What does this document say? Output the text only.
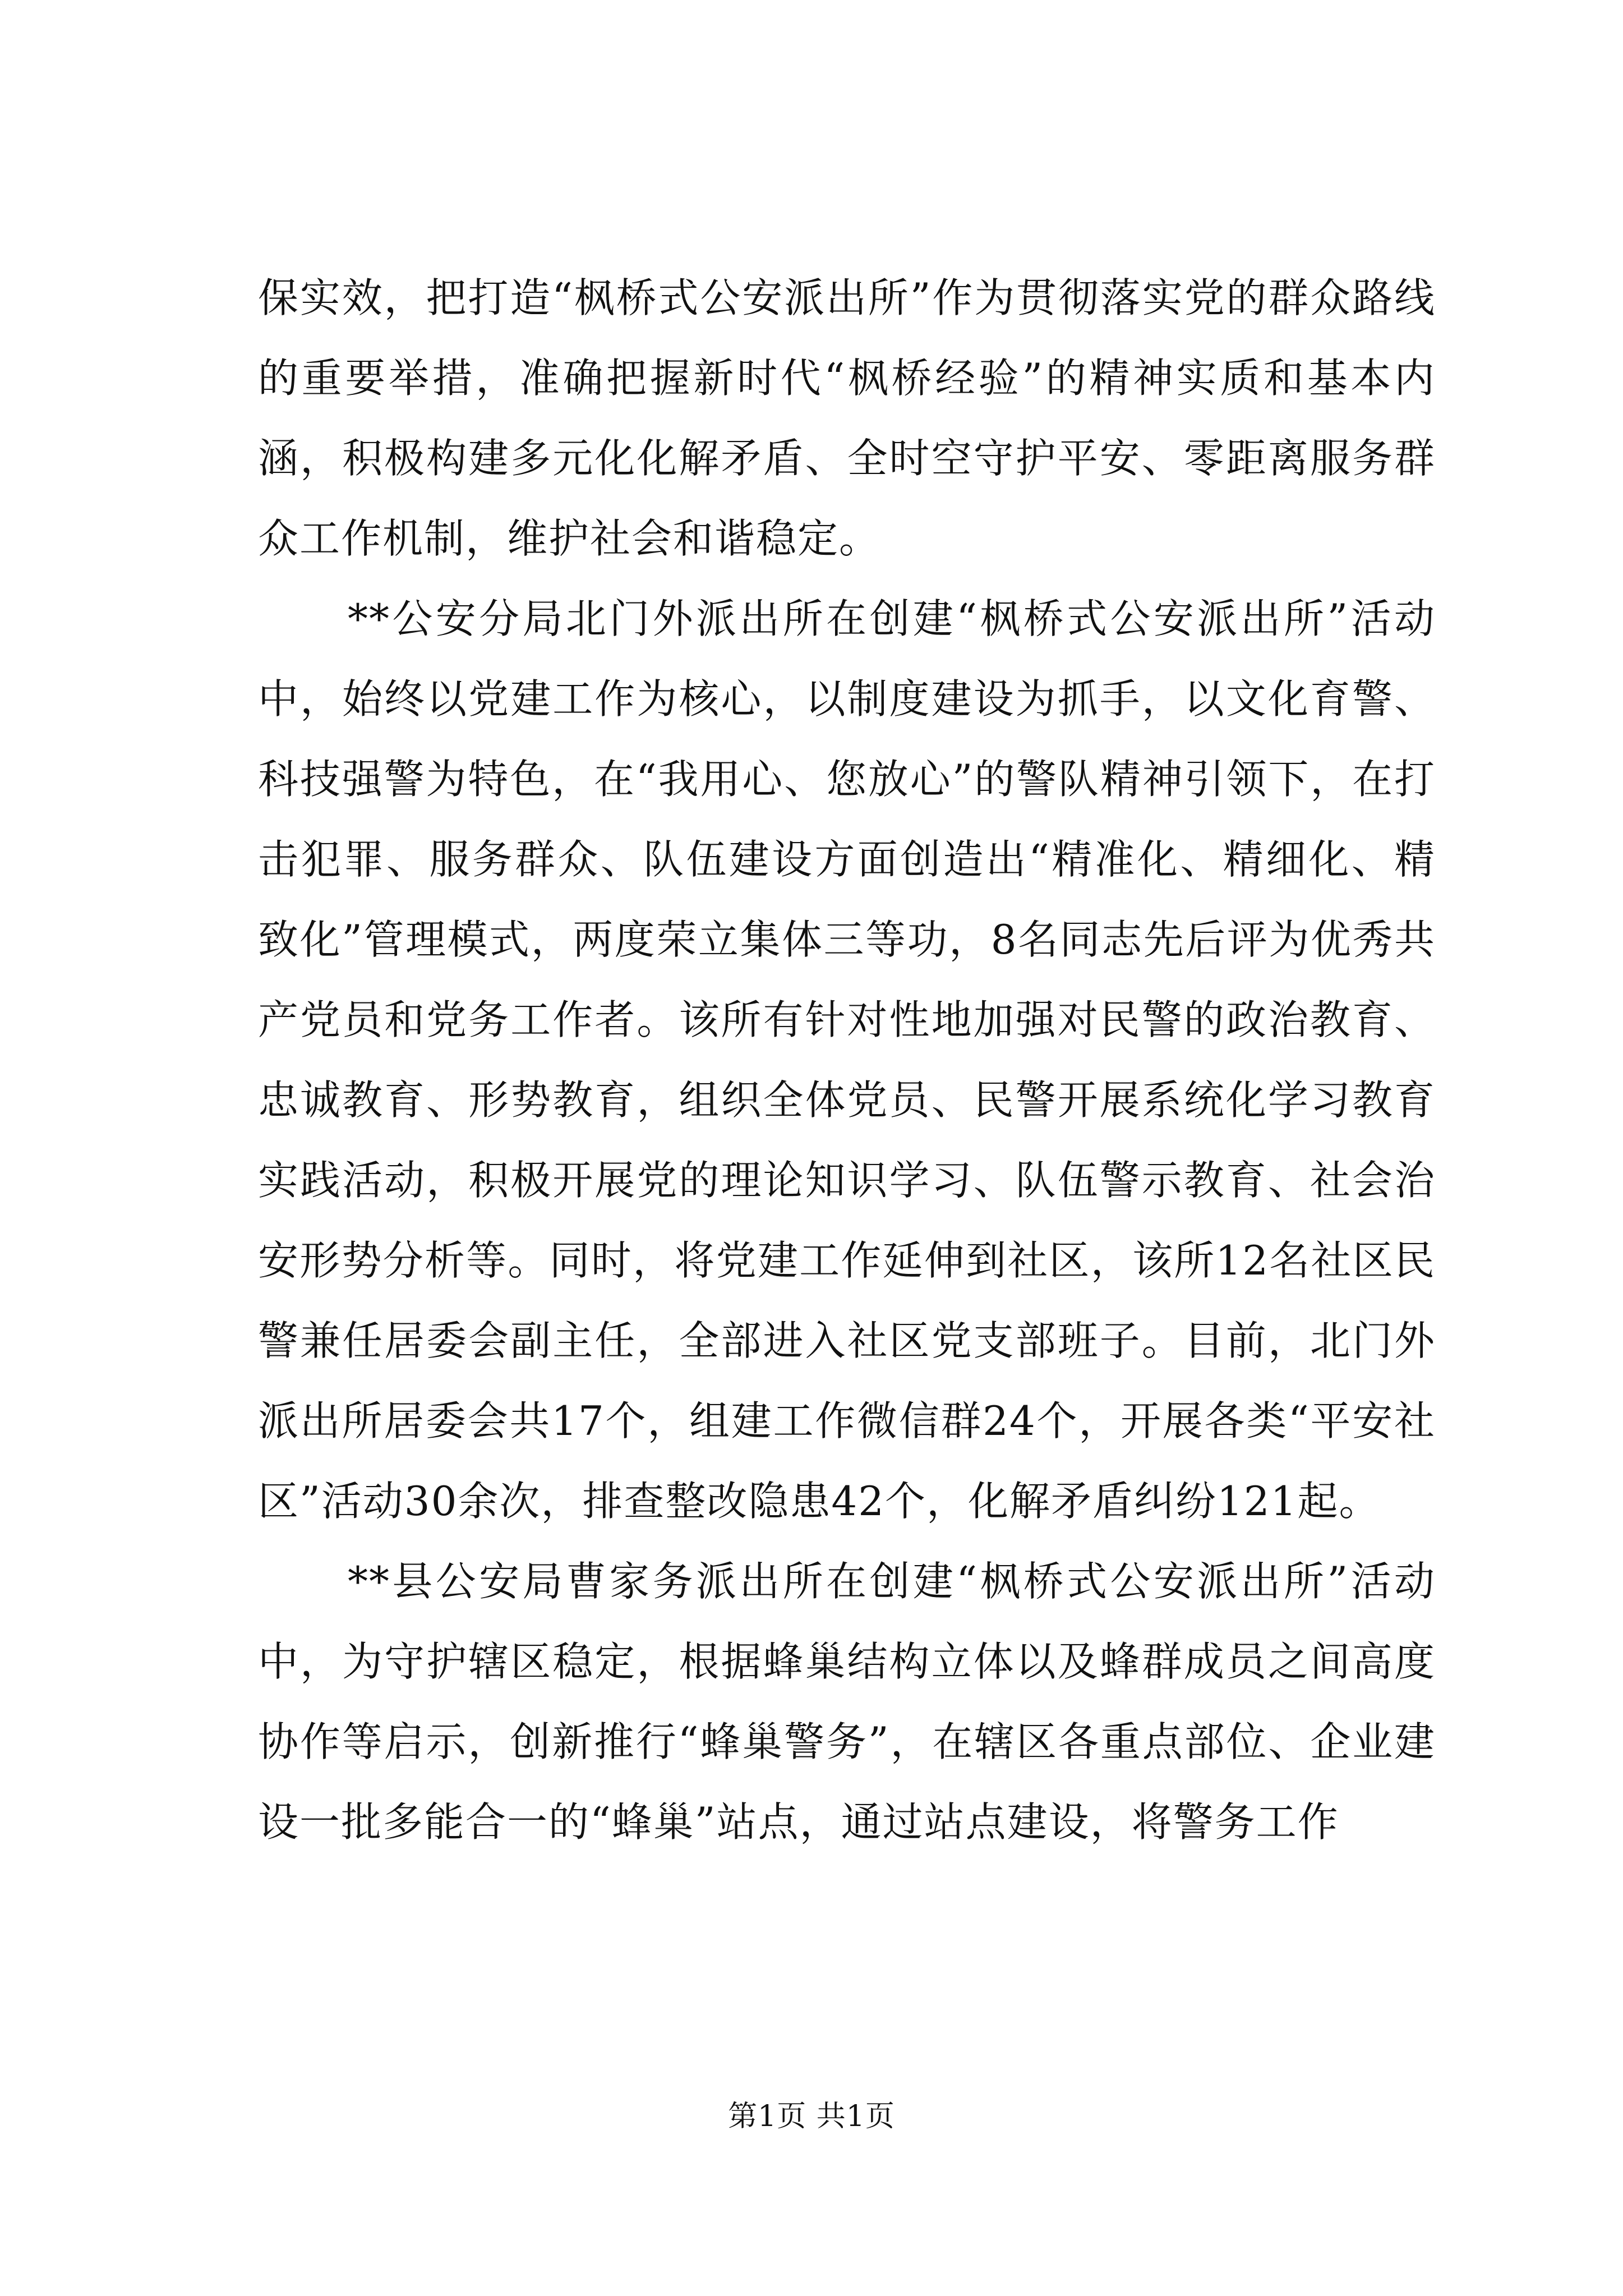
保实效，把打造“枫桥式公安派出所”作为贯彻落实党的群众路线的重要举措，准确把握新时代“枫桥经验”的精神实质和基本内涵，积极构建多元化化解矛盾、全时空守护平安、零距离服务群众工作机制，维护社会和谐稳定。

**公安分局北门外派出所在创建“枫桥式公安派出所”活动中，始终以党建工作为核心，以制度建设为抓手，以文化育警、科技强警为特色，在“我用心、您放心”的警队精神引领下，在打击犯罪、服务群众、队伍建设方面创造出“精准化、精细化、精致化”管理模式，两度荣立集体三等功，8名同志先后评为优秀共产党员和党务工作者。该所有针对性地加强对民警的政治教育、忠诚教育、形势教育，组织全体党员、民警开展系统化学习教育实践活动，积极开展党的理论知识学习、队伍警示教育、社会治安形势分析等。同时，将党建工作延伸到社区，该所12名社区民警兼任居委会副主任，全部进入社区党支部班子。目前，北门外派出所居委会共17个，组建工作微信群24个，开展各类“平安社区”活动30余次，排查整改隐患42个，化解矛盾纠纷121起。

**县公安局曹家务派出所在创建“枫桥式公安派出所”活动中，为守护辖区稳定，根据蜂巢结构立体以及蜂群成员之间高度协作等启示，创新推行“蜂巢警务”，在辖区各重点部位、企业建设一批多能合一的“蜂巢”站点，通过站点建设，将警务工作

第1页 共1页
